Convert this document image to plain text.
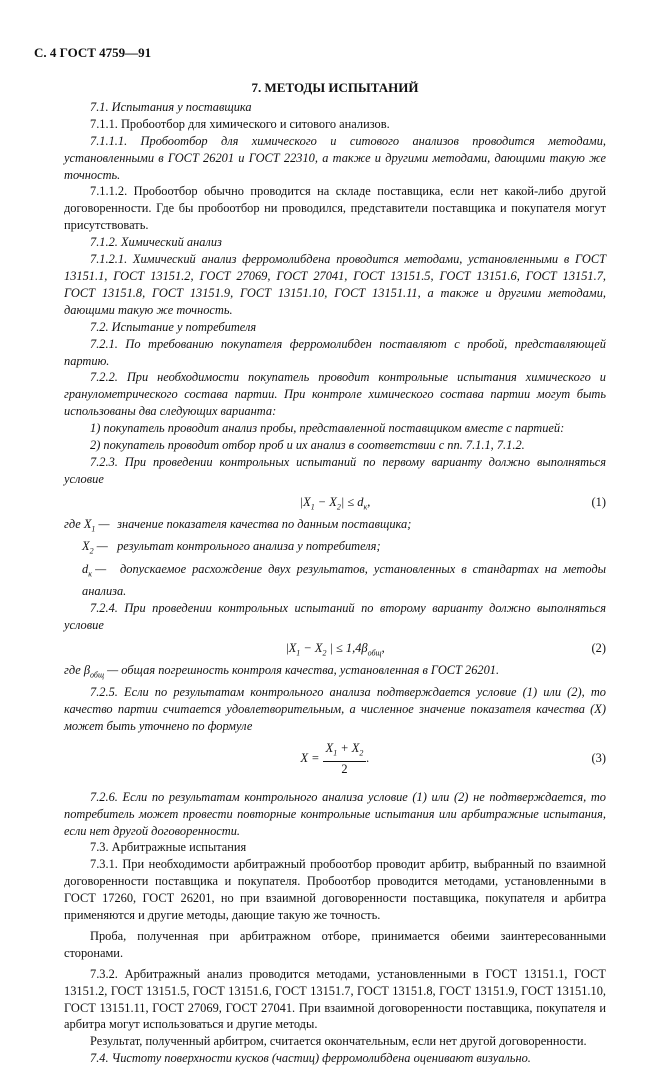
С. 4 ГОСТ 4759—91
7. МЕТОДЫ ИСПЫТАНИЙ

7.1. Испытания у поставщика

7.1.1. Пробоотбор для химического и ситового анализов.

7.1.1.1. Пробоотбор для химического и ситового анализов проводится методами, установленными в ГОСТ 26201 и ГОСТ 22310, а также и другими методами, дающими такую же точность.

7.1.1.2. Пробоотбор обычно проводится на складе поставщика, если нет какой-либо другой договоренности. Где бы пробоотбор ни проводился, представители поставщика и покупателя могут присутствовать.

7.1.2. Химический анализ

7.1.2.1. Химический анализ ферромолибдена проводится методами, установленными в ГОСТ 13151.1, ГОСТ 13151.2, ГОСТ 27069, ГОСТ 27041, ГОСТ 13151.5, ГОСТ 13151.6, ГОСТ 13151.7, ГОСТ 13151.8, ГОСТ 13151.9, ГОСТ 13151.10, ГОСТ 13151.11, а также и другими методами, дающими такую же точность.

7.2. Испытание у потребителя

7.2.1. По требованию покупателя ферромолибден поставляют с пробой, представляющей партию.

7.2.2. При необходимости покупатель проводит контрольные испытания химического и гранулометрического состава партии. При контроле химического состава партии могут быть использованы два следующих варианта:

1) покупатель проводит анализ пробы, представленной поставщиком вместе с партией:

2) покупатель проводит отбор проб и их анализ в соответствии с пп. 7.1.1, 7.1.2.

7.2.3. При проведении контрольных испытаний по первому варианту должно выполняться условие

$|X_1 - X_2| \le d_к$,	(1)

где $X_1$ — значение показателя качества по данным поставщика;

$X_2$ — результат контрольного анализа у потребителя;

$d_к$ — допускаемое расхождение двух результатов, установленных в стандартах на методы анализа.

7.2.4. При проведении контрольных испытаний по второму варианту должно выполняться условие

$|X_1 - X_2$ | ≤ $1,4\beta_{общ}$,	(2)

где $\beta_{общ}$ — общая погрешность контроля качества, установленная в ГОСТ 26201.

7.2.5. Если по результатам контрольного анализа подтверждается условие (1) или (2), то качество партии считается удовлетворительным, а численное значение показателя качества (X) может быть уточнено по формуле

$X = \frac{X_1 + X_2}{2}$ .	(3)

7.2.6. Если по результатам контрольного анализа условие (1) или (2) не подтверждается, то потребитель может провести повторные контрольные испытания или арбитражные испытания, если нет другой договоренности.

7.3. Арбитражные испытания

7.3.1. При необходимости арбитражный пробоотбор проводит арбитр, выбранный по взаимной договоренности поставщика и покупателя. Пробоотбор проводится методами, установленными в ГОСТ 17260, ГОСТ 26201, но при взаимной договоренности поставщика, покупателя и арбитра применяются и другие методы, дающие такую же точность.

Проба, полученная при арбитражном отборе, принимается обеими заинтересованными сторонами.

7.3.2. Арбитражный анализ проводится методами, установленными в ГОСТ 13151.1, ГОСТ 13151.2, ГОСТ 13151.5, ГОСТ 13151.6, ГОСТ 13151.7, ГОСТ 13151.8, ГОСТ 13151.9, ГОСТ 13151.10, ГОСТ 13151.11, ГОСТ 27069, ГОСТ 27041. При взаимной договоренности поставщика, покупателя и арбитра могут использоваться и другие методы.

Результат, полученный арбитром, считается окончательным, если нет другой договоренности.

7.4. Чистоту поверхности кусков (частиц) ферромолибдена оценивают визуально.
